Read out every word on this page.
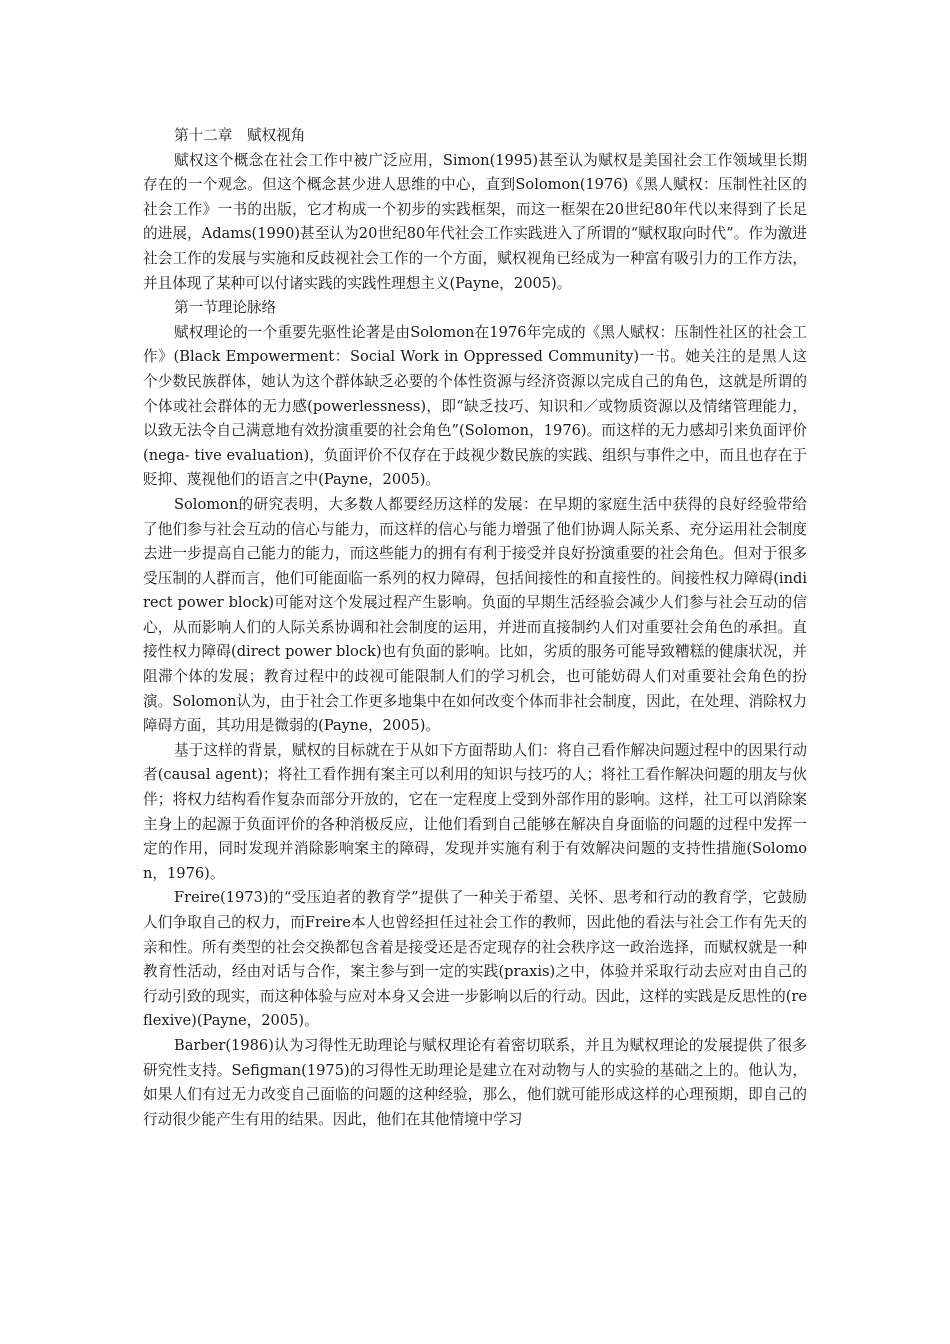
第十二章　赋权视角

赋权这个概念在社会工作中被广泛应用，Simon(1995)甚至认为赋权是美国社会工作领域里长期存在的一个观念。但这个概念甚少进人思维的中心，直到Solomon(1976)《黑人赋权：压制性社区的社会工作》一书的出版，它才构成一个初步的实践框架，而这一框架在20世纪80年代以来得到了长足的进展，Adams(1990)甚至认为20世纪80年代社会工作实践进入了所谓的“赋权取向时代”。作为激进社会工作的发展与实施和反歧视社会工作的一个方面，赋权视角已经成为一种富有吸引力的工作方法，并且体现了某种可以付诸实践的实践性理想主义(Payne，2005)。

第一节理论脉络

赋权理论的一个重要先驱性论著是由Solomon在1976年完成的《黑人赋权：压制性社区的社会工作》(Black Empowerment：Social Work in Oppressed Community)一书。她关注的是黑人这个少数民族群体，她认为这个群体缺乏必要的个体性资源与经济资源以完成自己的角色，这就是所谓的个体或社会群体的无力感(powerlessness)，即“缺乏技巧、知识和／或物质资源以及情绪管理能力，以致无法令自己满意地有效扮演重要的社会角色”(Solomon，1976)。而这样的无力感却引来负面评价(nega- tive evaluation)，负面评价不仅存在于歧视少数民族的实践、组织与事件之中，而且也存在于贬抑、蔑视他们的语言之中(Payne，2005)。

Solomon的研究表明，大多数人都要经历这样的发展：在早期的家庭生活中获得的良好经验带给了他们参与社会互动的信心与能力，而这样的信心与能力增强了他们协调人际关系、充分运用社会制度去进一步提高自己能力的能力，而这些能力的拥有有利于接受并良好扮演重要的社会角色。但对于很多受压制的人群而言，他们可能面临一系列的权力障碍，包括间接性的和直接性的。间接性权力障碍(indirect power block)可能对这个发展过程产生影响。负面的早期生活经验会减少人们参与社会互动的信心，从而影响人们的人际关系协调和社会制度的运用，并进而直接制约人们对重要社会角色的承担。直接性权力障碍(direct power block)也有负面的影响。比如，劣质的服务可能导致糟糕的健康状况，并阻滞个体的发展；教育过程中的歧视可能限制人们的学习机会，也可能妨碍人们对重要社会角色的扮演。Solomon认为，由于社会工作更多地集中在如何改变个体而非社会制度，因此，在处理、消除权力障碍方面，其功用是微弱的(Payne，2005)。

基于这样的背景，赋权的目标就在于从如下方面帮助人们：将自己看作解决问题过程中的因果行动者(causal agent)；将社工看作拥有案主可以利用的知识与技巧的人；将社工看作解决问题的朋友与伙伴；将权力结构看作复杂而部分开放的，它在一定程度上受到外部作用的影响。这样，社工可以消除案主身上的起源于负面评价的各种消极反应，让他们看到自己能够在解决自身面临的问题的过程中发挥一定的作用，同时发现并消除影响案主的障碍，发现并实施有利于有效解决问题的支持性措施(Solomon，1976)。

Freire(1973)的“受压迫者的教育学”提供了一种关于希望、关怀、思考和行动的教育学，它鼓励人们争取自己的权力，而Freire本人也曾经担任过社会工作的教师，因此他的看法与社会工作有先天的亲和性。所有类型的社会交换都包含着是接受还是否定现存的社会秩序这一政治选择，而赋权就是一种教育性活动，经由对话与合作，案主参与到一定的实践(praxis)之中，体验并采取行动去应对由自己的行动引致的现实，而这种体验与应对本身又会进一步影响以后的行动。因此，这样的实践是反思性的(reflexive)(Payne，2005)。

Barber(1986)认为习得性无助理论与赋权理论有着密切联系，并且为赋权理论的发展提供了很多研究性支持。Sefigman(1975)的习得性无助理论是建立在对动物与人的实验的基础之上的。他认为，如果人们有过无力改变自己面临的问题的这种经验，那么，他们就可能形成这样的心理预期，即自己的行动很少能产生有用的结果。因此，他们在其他情境中学习
